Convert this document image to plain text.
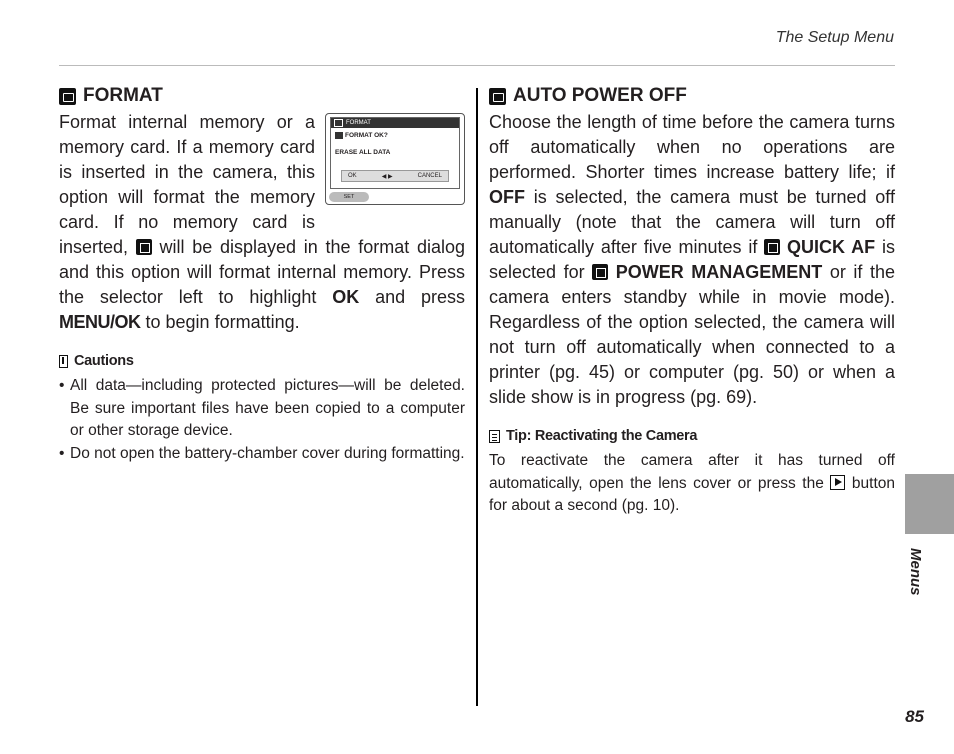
The Setup Menu
Menus
85
FORMAT
FORMAT
FORMAT OK?
ERASE ALL DATA
OK	◀ ▶	CANCEL
SET

Format internal memory or a memory card. If a memory card is inserted in the camera, this option will format the memory card. If no memory card is inserted, will be displayed in the format dialog and this option will format internal memory. Press the selector left to highlight OK and press MENU/OK to begin formatting.

Cautions
• All data—including protected pictures—will be deleted. Be sure important files have been copied to a computer or other storage device.
• Do not open the battery-chamber cover during formatting.
AUTO POWER OFF

Choose the length of time before the camera turns off automatically when no operations are performed. Shorter times increase battery life; if OFF is selected, the camera must be turned off manually (note that the camera will turn off automatically after five minutes if QUICK AF is selected for POWER MANAGEMENT or if the camera enters standby while in movie mode). Regardless of the option selected, the camera will not turn off automatically when connected to a printer (pg. 45) or computer (pg. 50) or when a slide show is in progress (pg. 69).

Tip: Reactivating the Camera

To reactivate the camera after it has turned off automatically, open the lens cover or press the button for about a second (pg. 10).
